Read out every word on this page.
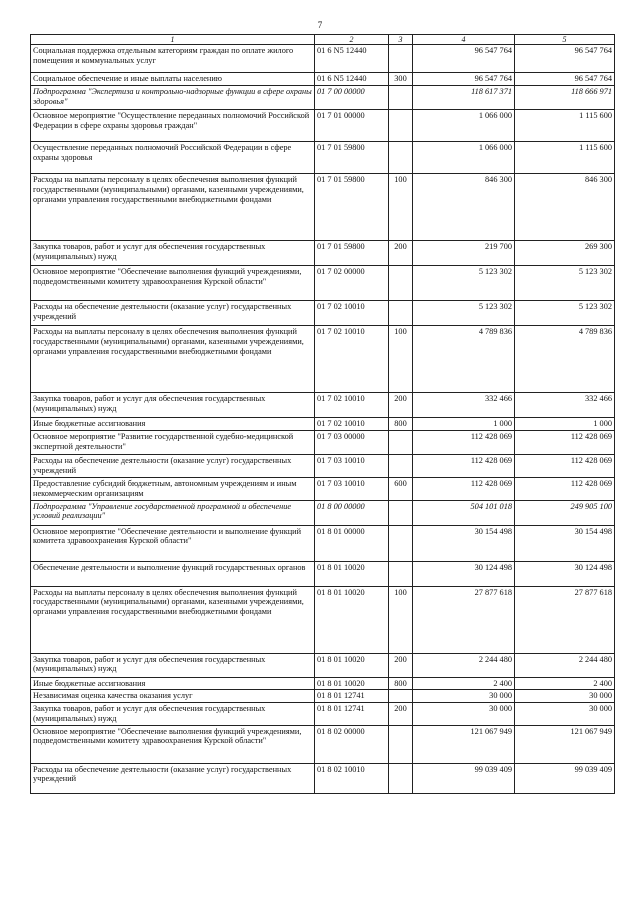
7
1	2	3	4	5
Социальная поддержка отдельным категориям граждан по оплате жилого помещения и коммунальных услуг	01 6 N5 12440		96 547 764	96 547 764
Социальное обеспечение и иные выплаты населению	01 6 N5 12440	300	96 547 764	96 547 764
Подпрограмма "Экспертиза и контрольно-надзорные функции в сфере охраны здоровья"	01 7 00 00000		118 617 371	118 666 971
Основное мероприятие "Осуществление переданных полномочий Российской Федерации в сфере охраны здоровья граждан"	01 7 01 00000		1 066 000	1 115 600
Осуществление переданных полномочий Российской Федерации в сфере охраны здоровья	01 7 01 59800		1 066 000	1 115 600
Расходы на выплаты персоналу в целях обеспечения выполнения функций государственными (муниципальными) органами, казенными учреждениями, органами управления государственными внебюджетными фондами	01 7 01 59800	100	846 300	846 300
Закупка товаров, работ и услуг для обеспечения государственных (муниципальных) нужд	01 7 01 59800	200	219 700	269 300
Основное мероприятие "Обеспечение выполнения функций учреждениями, подведомственными комитету здравоохранения Курской области"	01 7 02 00000		5 123 302	5 123 302
Расходы на обеспечение деятельности (оказание услуг) государственных учреждений	01 7 02 10010		5 123 302	5 123 302
Расходы на выплаты персоналу в целях обеспечения выполнения функций государственными (муниципальными) органами, казенными учреждениями, органами управления государственными внебюджетными фондами	01 7 02 10010	100	4 789 836	4 789 836
Закупка товаров, работ и услуг для обеспечения государственных (муниципальных) нужд	01 7 02 10010	200	332 466	332 466
Иные бюджетные ассигнования	01 7 02 10010	800	1 000	1 000
Основное мероприятие "Развитие государственной судебно-медицинской экспертной деятельности"	01 7 03 00000		112 428 069	112 428 069
Расходы на обеспечение деятельности (оказание услуг) государственных учреждений	01 7 03 10010		112 428 069	112 428 069
Предоставление субсидий бюджетным, автономным учреждениям и иным некоммерческим организациям	01 7 03 10010	600	112 428 069	112 428 069
Подпрограмма "Управление государственной программой и обеспечение условий реализации"	01 8 00 00000		504 101 018	249 905 100
Основное мероприятие "Обеспечение деятельности и выполнение функций комитета здравоохранения Курской области"	01 8 01 00000		30 154 498	30 154 498
Обеспечение деятельности и выполнение функций государственных органов	01 8 01 10020		30 124 498	30 124 498
Расходы на выплаты персоналу в целях обеспечения выполнения функций государственными (муниципальными) органами, казенными учреждениями, органами управления государственными внебюджетными фондами	01 8 01 10020	100	27 877 618	27 877 618
Закупка товаров, работ и услуг для обеспечения государственных (муниципальных) нужд	01 8 01 10020	200	2 244 480	2 244 480
Иные бюджетные ассигнования	01 8 01 10020	800	2 400	2 400
Независимая оценка качества оказания услуг	01 8 01 12741		30 000	30 000
Закупка товаров, работ и услуг для обеспечения государственных (муниципальных) нужд	01 8 01 12741	200	30 000	30 000
Основное мероприятие "Обеспечение выполнения функций учреждениями, подведомственными комитету здравоохранения Курской области"	01 8 02 00000		121 067 949	121 067 949
Расходы на обеспечение деятельности (оказание услуг) государственных учреждений	01 8 02 10010		99 039 409	99 039 409
